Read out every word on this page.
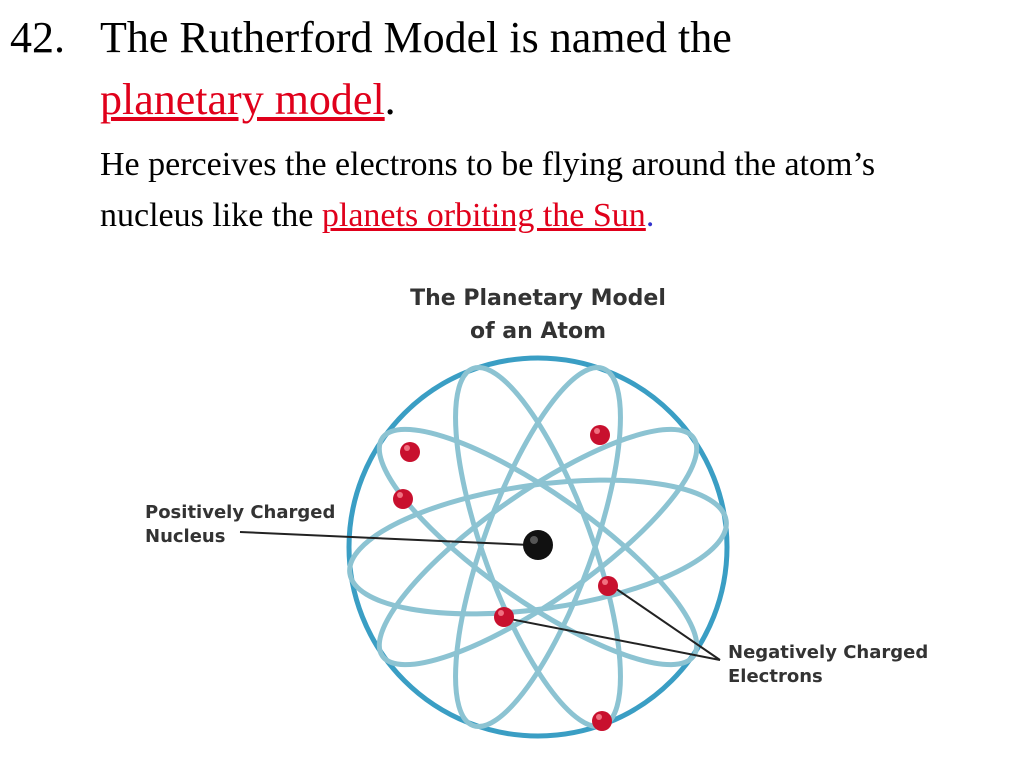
42. The Rutherford Model is named the
planetary model.
He perceives the electrons to be flying around the atom’s
nucleus like the planets orbiting the Sun.
The Planetary Model
of an Atom
Positively Charged
Nucleus
Negatively Charged
Electrons
